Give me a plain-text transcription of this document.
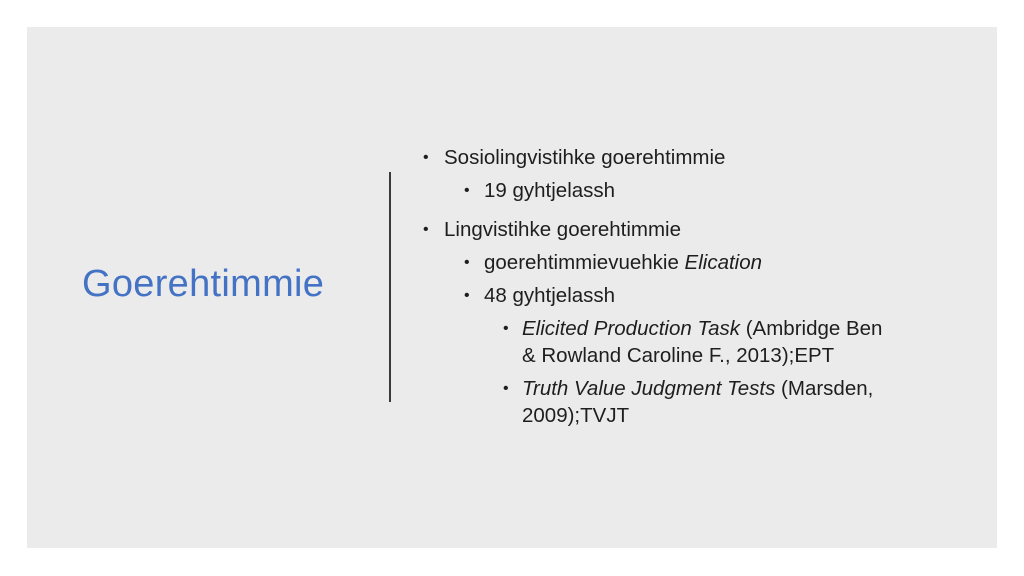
Goerehtimmie
• Sosiolingvistihke goerehtimmie
• 19 gyhtjelassh
• Lingvistihke goerehtimmie
• goerehtimmievuehkie Elication
• 48 gyhtjelassh
• Elicited Production Task (Ambridge Ben
& Rowland Caroline F., 2013);EPT
• Truth Value Judgment Tests (Marsden,
2009);TVJT
